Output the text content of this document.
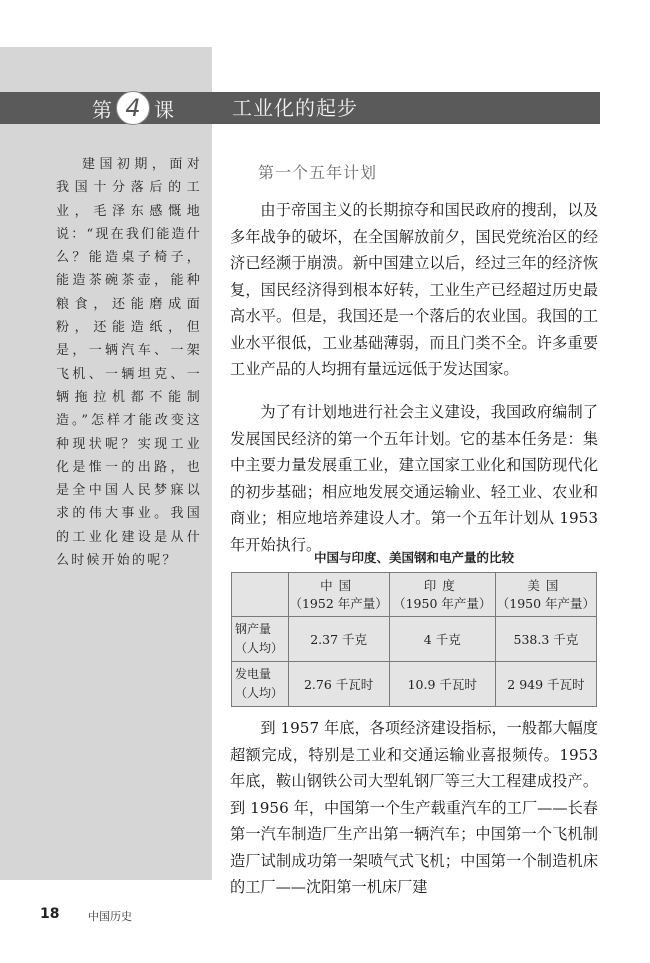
第 4 课	工业化的起步
建国初期，面对我国十分落后的工业，毛泽东感慨地说：“现在我们能造什么？能造桌子椅子，能造茶碗茶壶，能种粮食，还能磨成面粉，还能造纸，但是，一辆汽车、一架飞机、一辆坦克、一辆拖拉机都不能制造。”怎样才能改变这种现状呢？实现工业化是惟一的出路，也是全中国人民梦寐以求的伟大事业。我国的工业化建设是从什么时候开始的呢？
第一个五年计划

由于帝国主义的长期掠夺和国民政府的搜刮，以及多年战争的破坏，在全国解放前夕，国民党统治区的经济已经濒于崩溃。新中国建立以后，经过三年的经济恢复，国民经济得到根本好转，工业生产已经超过历史最高水平。但是，我国还是一个落后的农业国。我国的工业水平很低，工业基础薄弱，而且门类不全。许多重要工业产品的人均拥有量远远低于发达国家。

为了有计划地进行社会主义建设，我国政府编制了发展国民经济的第一个五年计划。它的基本任务是：集中主要力量发展重工业，建立国家工业化和国防现代化的初步基础；相应地发展交通运输业、轻工业、农业和商业；相应地培养建设人才。第一个五年计划从 1953 年开始执行。

中国与印度、美国钢和电产量的比较

	中国
（1952 年产量）	印度
（1950 年产量）	美国
（1950 年产量）

钢产量
（人均）	2.37 千克	4 千克	538.3 千克

发电量
（人均）	2.76 千瓦时	10.9 千瓦时	2 949 千瓦时

到 1957 年底，各项经济建设指标，一般都大幅度超额完成，特别是工业和交通运输业喜报频传。1953 年底，鞍山钢铁公司大型轧钢厂等三大工程建成投产。到 1956 年，中国第一个生产载重汽车的工厂——长春第一汽车制造厂生产出第一辆汽车；中国第一个飞机制造厂试制成功第一架喷气式飞机；中国第一个制造机床的工厂——沈阳第一机床厂建

18	中国历史
